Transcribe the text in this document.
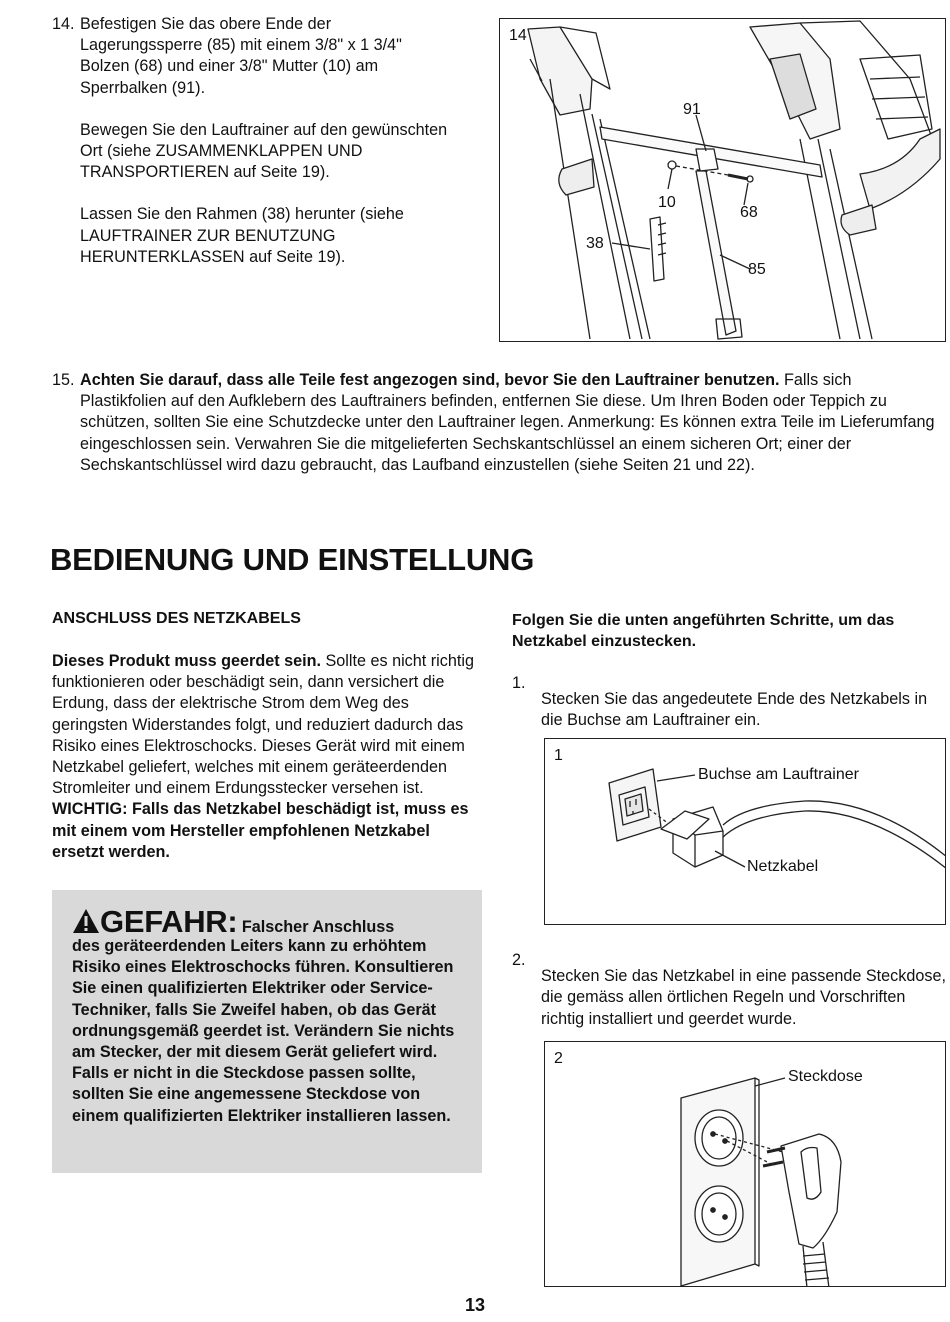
14. Befestigen Sie das obere Ende der Lagerungssperre (85) mit einem 3/8" x 1 3/4" Bolzen (68) und einer 3/8" Mutter (10) am Sperrbalken (91).

Bewegen Sie den Lauftrainer auf den gewünschten Ort (siehe ZUSAMMENKLAPPEN UND TRANSPORTIEREN auf Seite 19).

Lassen Sie den Rahmen (38) herunter (siehe LAUFTRAINER ZUR BENUTZUNG HERUNTERKLASSEN auf Seite 19).

14
91
10
68
38
85
15. Achten Sie darauf, dass alle Teile fest angezogen sind, bevor Sie den Lauftrainer benutzen. Falls sich Plastikfolien auf den Aufklebern des Lauftrainers befinden, entfernen Sie diese. Um Ihren Boden oder Teppich zu schützen, sollten Sie eine Schutzdecke unter den Lauftrainer legen. Anmerkung: Es können extra Teile im Lieferumfang eingeschlossen sein. Verwahren Sie die mitgelieferten Sechskantschlüssel an einem sicheren Ort; einer der Sechskantschlüssel wird dazu gebraucht, das Laufband einzustellen (siehe Seiten 21 und 22).

BEDIENUNG UND EINSTELLUNG
ANSCHLUSS DES NETZKABELS
Dieses Produkt muss geerdet sein. Sollte es nicht richtig funktionieren oder beschädigt sein, dann versichert die Erdung, dass der elektrische Strom dem Weg des geringsten Widerstandes folgt, und reduziert dadurch das Risiko eines Elektroschocks. Dieses Gerät wird mit einem Netzkabel geliefert, welches mit einem geräteerdenden Stromleiter und einem Erdungsstecker versehen ist. WICHTIG: Falls das Netzkabel beschädigt ist, muss es mit einem vom Hersteller empfohlenen Netzkabel ersetzt werden.
GEFAHR: Falscher Anschluss
des geräteerdenden Leiters kann zu erhöhtem Risiko eines Elektroschocks führen. Konsultieren Sie einen qualifizierten Elektriker oder Service-Techniker, falls Sie Zweifel haben, ob das Gerät ordnungsgemäß geerdet ist. Verändern Sie nichts am Stecker, der mit diesem Gerät geliefert wird. Falls er nicht in die Steckdose passen sollte, sollten Sie eine angemessene Steckdose von einem qualifizierten Elektriker installieren lassen.
Folgen Sie die unten angeführten Schritte, um das Netzkabel einzustecken.
1.

Stecken Sie das angedeutete Ende des Netzkabels in die Buchse am Lauftrainer ein.

1
Buchse am Lauftrainer
Netzkabel
2.

Stecken Sie das Netzkabel in eine passende Steckdose, die gemäss allen örtlichen Regeln und Vorschriften richtig installiert und geerdet wurde.

2
Steckdose
13
